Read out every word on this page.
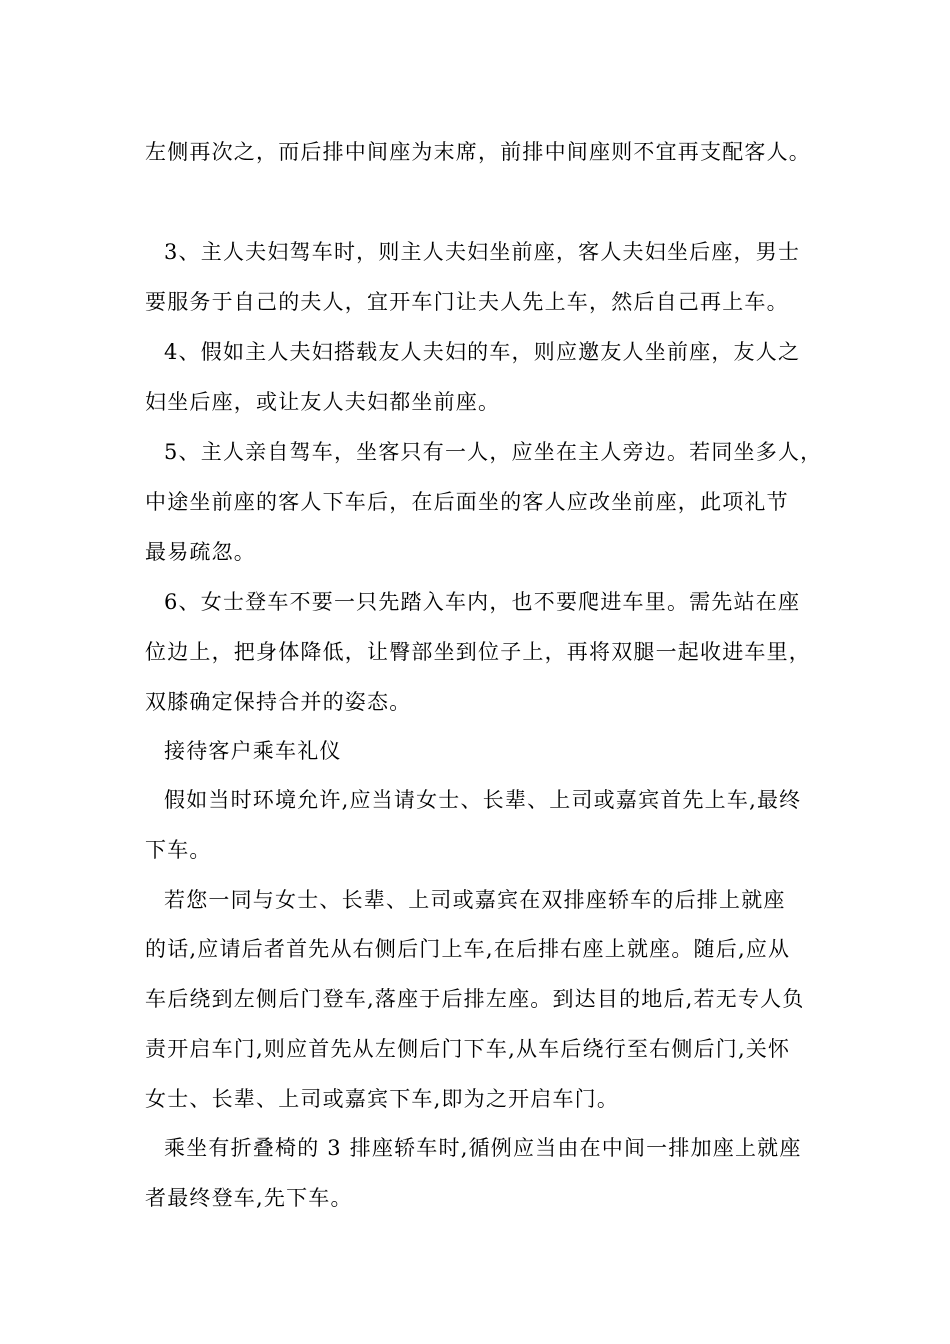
左侧再次之，而后排中间座为末席，前排中间座则不宜再支配客人。
3、主人夫妇驾车时，则主人夫妇坐前座，客人夫妇坐后座，男士
要服务于自己的夫人，宜开车门让夫人先上车，然后自己再上车。
4、假如主人夫妇搭载友人夫妇的车，则应邀友人坐前座，友人之
妇坐后座，或让友人夫妇都坐前座。
5、主人亲自驾车，坐客只有一人，应坐在主人旁边。若同坐多人，
中途坐前座的客人下车后，在后面坐的客人应改坐前座，此项礼节
最易疏忽。
6、女士登车不要一只先踏入车内，也不要爬进车里。需先站在座
位边上，把身体降低，让臀部坐到位子上，再将双腿一起收进车里，
双膝确定保持合并的姿态。
接待客户乘车礼仪
假如当时环境允许,应当请女士、长辈、上司或嘉宾首先上车,最终
下车。
若您一同与女士、长辈、上司或嘉宾在双排座轿车的后排上就座
的话,应请后者首先从右侧后门上车,在后排右座上就座。随后,应从
车后绕到左侧后门登车,落座于后排左座。到达目的地后,若无专人负
责开启车门,则应首先从左侧后门下车,从车后绕行至右侧后门,关怀
女士、长辈、上司或嘉宾下车,即为之开启车门。
乘坐有折叠椅的 3 排座轿车时,循例应当由在中间一排加座上就座
者最终登车,先下车。
